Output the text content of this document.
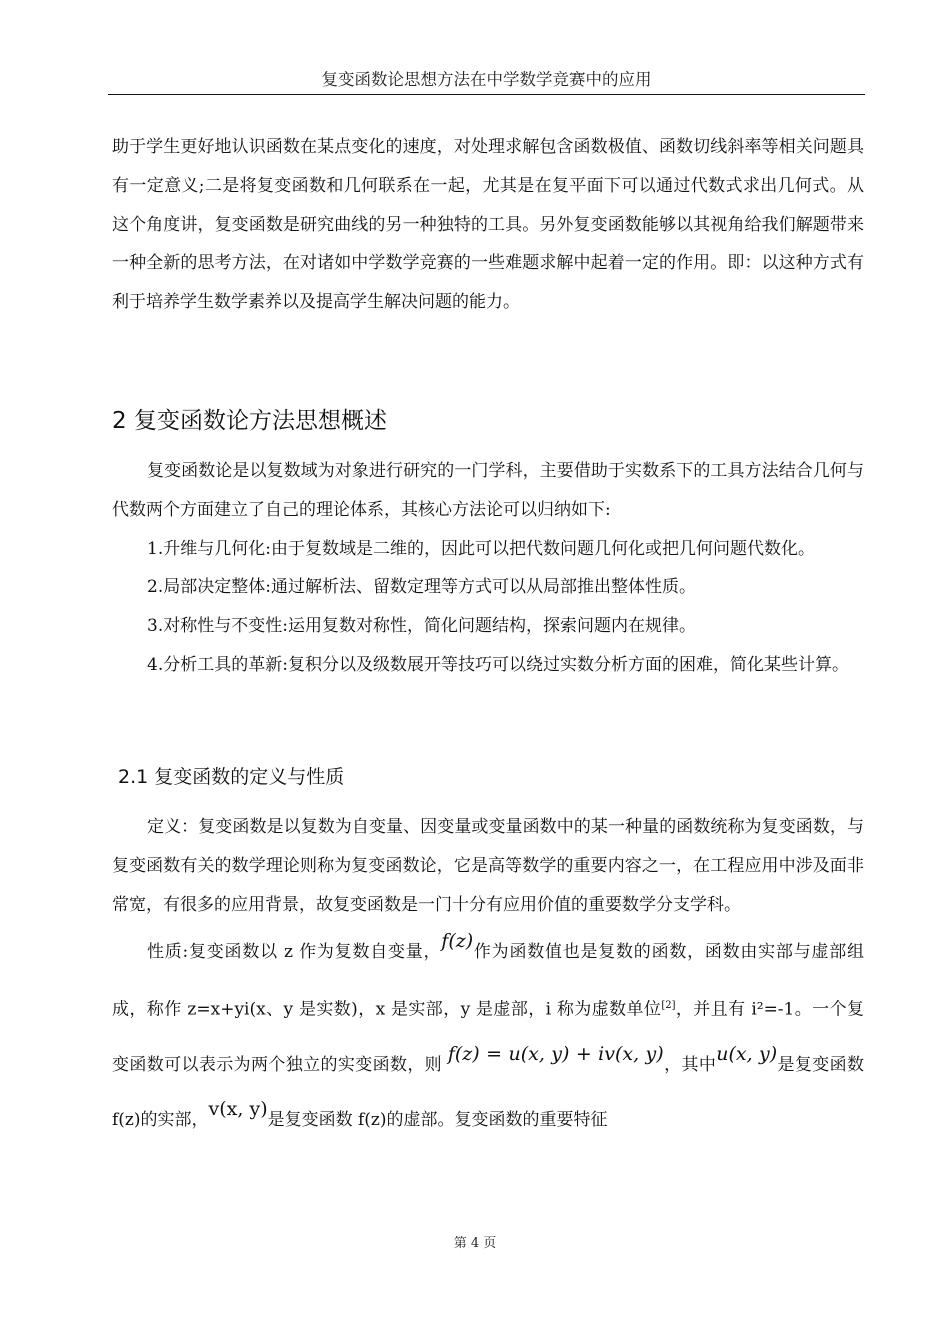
复变函数论思想方法在中学数学竞赛中的应用

助于学生更好地认识函数在某点变化的速度，对处理求解包含函数极值、函数切线斜率等相关问题具有一定意义;二是将复变函数和几何联系在一起，尤其是在复平面下可以通过代数式求出几何式。从这个角度讲，复变函数是研究曲线的另一种独特的工具。另外复变函数能够以其视角给我们解题带来一种全新的思考方法，在对诸如中学数学竞赛的一些难题求解中起着一定的作用。即：以这种方式有利于培养学生数学素养以及提高学生解决问题的能力。

2 复变函数论方法思想概述

复变函数论是以复数域为对象进行研究的一门学科，主要借助于实数系下的工具方法结合几何与代数两个方面建立了自己的理论体系，其核心方法论可以归纳如下:

1.升维与几何化:由于复数域是二维的，因此可以把代数问题几何化或把几何问题代数化。

2.局部决定整体:通过解析法、留数定理等方式可以从局部推出整体性质。

3.对称性与不变性:运用复数对称性，简化问题结构，探索问题内在规律。

4.分析工具的革新:复积分以及级数展开等技巧可以绕过实数分析方面的困难，简化某些计算。

2.1 复变函数的定义与性质

定义：复变函数是以复数为自变量、因变量或变量函数中的某一种量的函数统称为复变函数，与复变函数有关的数学理论则称为复变函数论，它是高等数学的重要内容之一，在工程应用中涉及面非常宽，有很多的应用背景，故复变函数是一门十分有应用价值的重要数学分支学科。

性质:复变函数以 z 作为复数自变量，f(z)作为函数值也是复数的函数，函数由实部与虚部组成，称作 z=x+yi(x、y 是实数)，x 是实部，y 是虚部，i 称为虚数单位[2]，并且有 i²=-1。一个复变函数可以表示为两个独立的实变函数，则 f(z) = u(x, y) + iv(x, y)，其中u(x, y)是复变函数 f(z)的实部，v(x, y)是复变函数 f(z)的虚部。复变函数的重要特征

第 4 页
